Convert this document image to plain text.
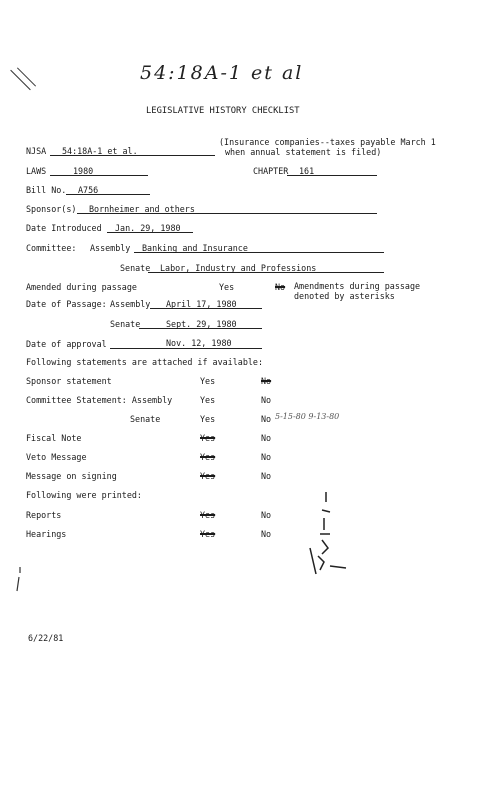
54:18A-1 et al
LEGISLATIVE HISTORY CHECKLIST
NJSA 54:18A-1 et al.
(Insurance companies--taxes payable March 1
when annual statement is filed)
LAWS	1980	CHAPTER 161
Bill No. A756
Sponsor(s) Bornheimer and others
Date Introduced Jan. 29, 1980
Committee: Assembly Banking and Insurance
Senate Labor, Industry and Professions
Amended during passage	Yes	No Amendments during passage
denoted by asterisks
Date of Passage: Assembly April 17, 1980
Senate	Sept. 29, 1980
Date of approval	Nov. 12, 1980
Following statements are attached if available:
Sponsor statement	Yes	No
Committee Statement: Assembly	Yes	No
Senate	Yes	No 5-15-80 9-13-80
Fiscal Note	Yes	No
Veto Message	Yes	No
Message on signing	Yes	No
Following were printed:
Reports	Yes	No
Hearings	Yes	No
6/22/81
